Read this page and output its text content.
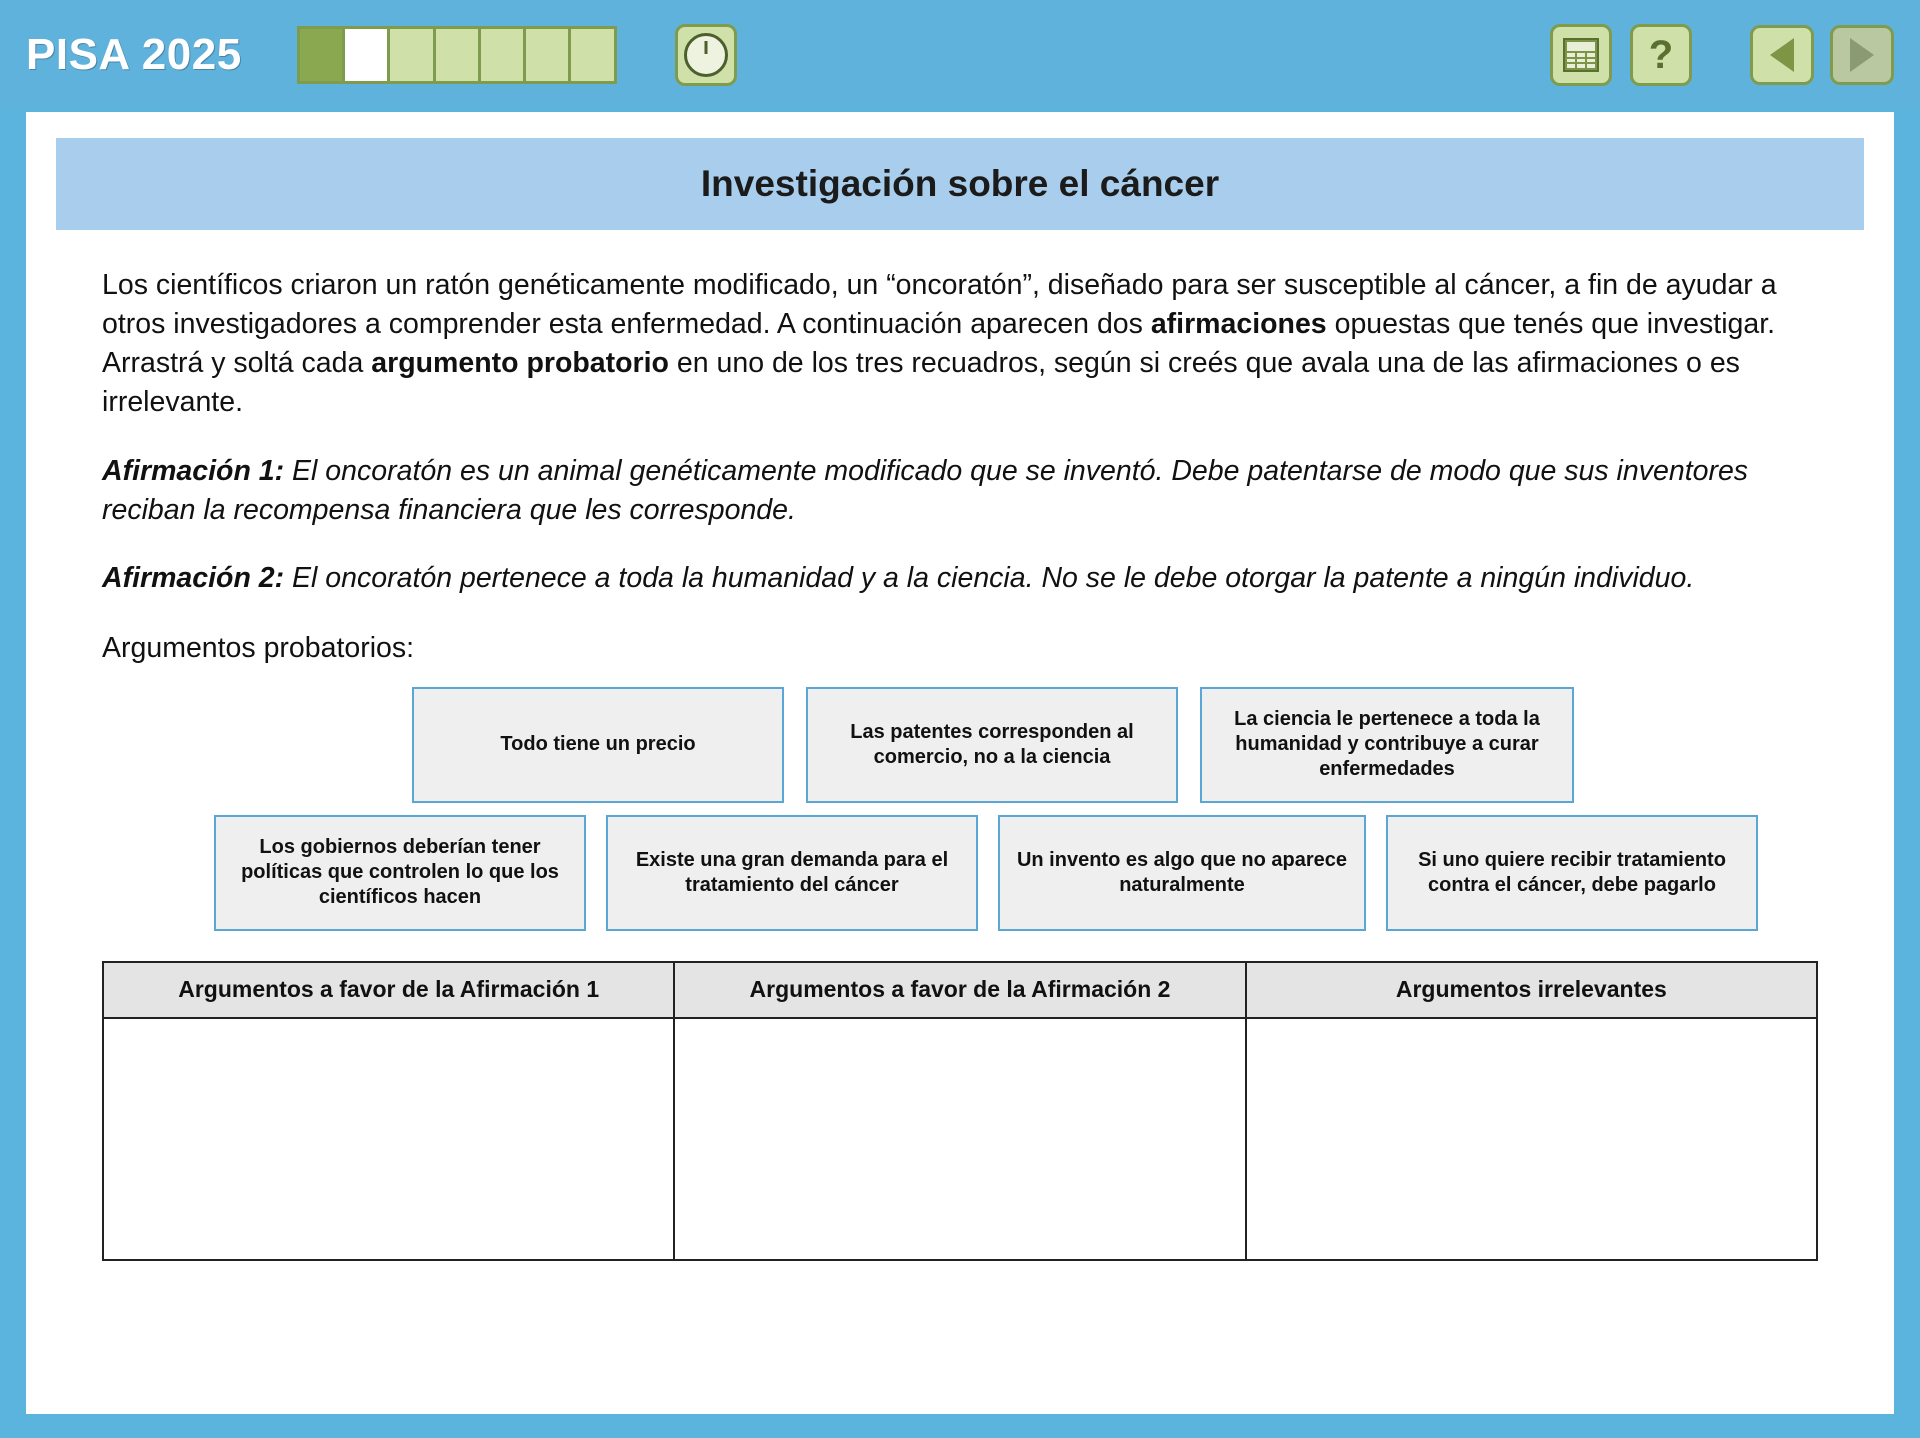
PISA 2025	?
Investigación sobre el cáncer

Los científicos criaron un ratón genéticamente modificado, un “oncoratón”, diseñado para ser susceptible al cáncer, a fin de ayudar a otros investigadores a comprender esta enfermedad. A continuación aparecen dos afirmaciones opuestas que tenés que investigar. Arrastrá y soltá cada argumento probatorio en uno de los tres recuadros, según si creés que avala una de las afirmaciones o es irrelevante.

Afirmación 1: El oncoratón es un animal genéticamente modificado que se inventó. Debe patentarse de modo que sus inventores reciban la recompensa financiera que les corresponde.

Afirmación 2: El oncoratón pertenece a toda la humanidad y a la ciencia. No se le debe otorgar la patente a ningún individuo.

Argumentos probatorios:

Todo tiene un precio
Las patentes corresponden al comercio, no a la ciencia
La ciencia le pertenece a toda la humanidad y contribuye a curar enfermedades
Los gobiernos deberían tener políticas que controlen lo que los científicos hacen
Existe una gran demanda para el tratamiento del cáncer
Un invento es algo que no aparece naturalmente
Si uno quiere recibir tratamiento contra el cáncer, debe pagarlo
Argumentos a favor de la Afirmación 1	Argumentos a favor de la Afirmación 2	Argumentos irrelevantes
